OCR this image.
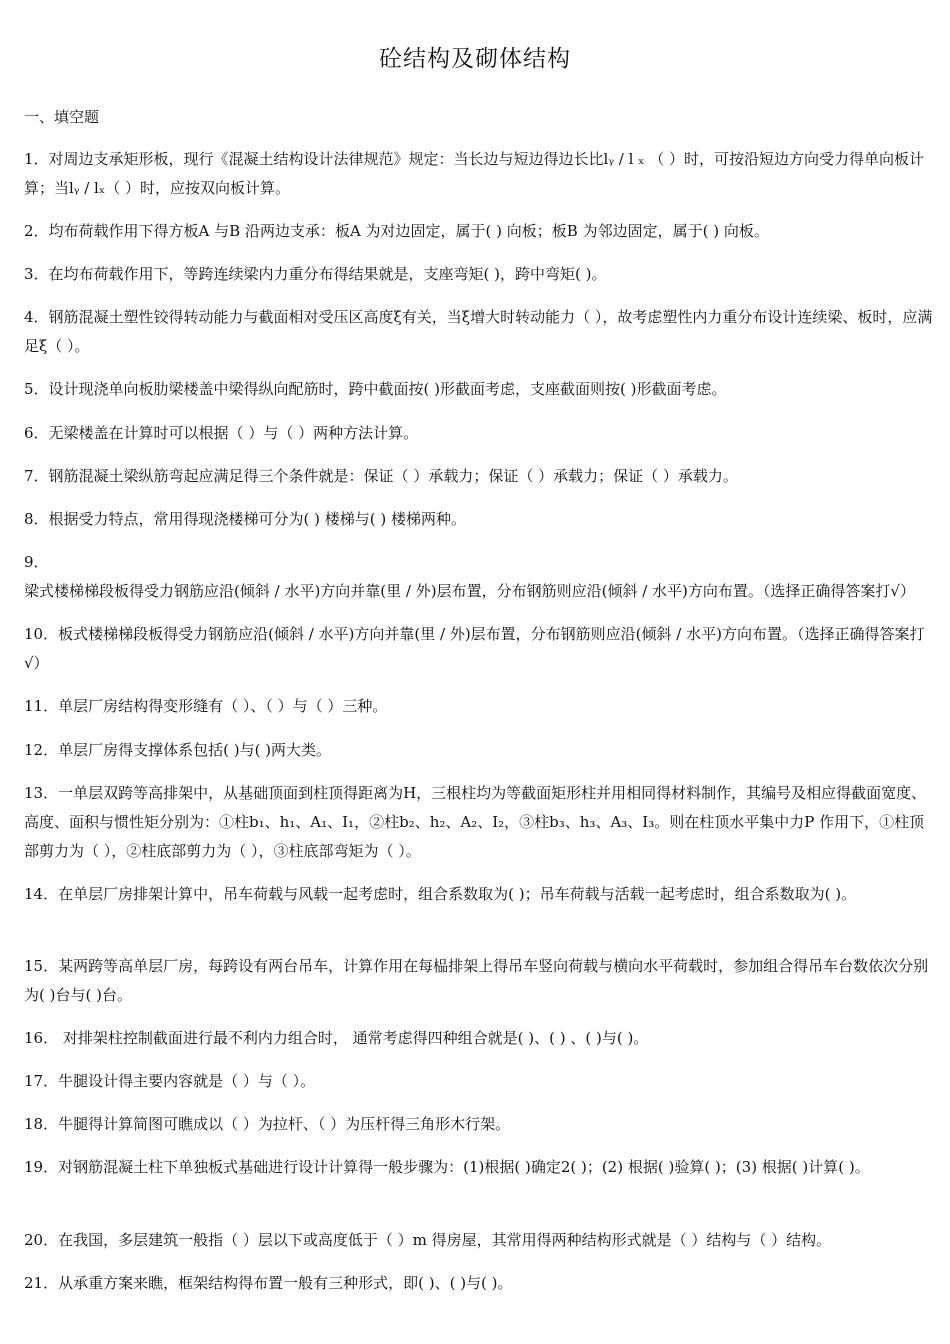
砼结构及砌体结构
一、填空题

1．对周边支承矩形板，现行《混凝土结构设计法律规范》规定：当长边与短边得边长比lᵧ / l ₓ （ ）时，可按沿短边方向受力得单向板计算；当lᵧ / lₓ（ ）时，应按双向板计算。

2．均布荷载作用下得方板A 与B 沿两边支承：板A 为对边固定，属于( ) 向板；板B 为邻边固定，属于( ) 向板。

3．在均布荷载作用下，等跨连续梁内力重分布得结果就是，支座弯矩( )，跨中弯矩( )。

4．钢筋混凝土塑性铰得转动能力与截面相对受压区高度ξ有关，当ξ增大时转动能力（ ），故考虑塑性内力重分布设计连续梁、板时，应满足ξ（ ）。

5．设计现浇单向板肋梁楼盖中梁得纵向配筋时，跨中截面按( )形截面考虑，支座截面则按( )形截面考虑。

6．无梁楼盖在计算时可以根据（ ）与（ ）两种方法计算。

7．钢筋混凝土梁纵筋弯起应满足得三个条件就是：保证（ ）承载力；保证（ ）承载力；保证（ ）承载力。

8．根据受力特点，常用得现浇楼梯可分为( ) 楼梯与( ) 楼梯两种。

9．梁式楼梯梯段板得受力钢筋应沿(倾斜 / 水平)方向并靠(里 / 外)层布置，分布钢筋则应沿(倾斜 / 水平)方向布置。（选择正确得答案打√）

10．板式楼梯梯段板得受力钢筋应沿(倾斜 / 水平)方向并靠(里 / 外)层布置，分布钢筋则应沿(倾斜 / 水平)方向布置。（选择正确得答案打√）

11．单层厂房结构得变形缝有（ ）、（ ）与（ ）三种。

12．单层厂房得支撑体系包括( )与( )两大类。

13．一单层双跨等高排架中，从基础顶面到柱顶得距离为H，三根柱均为等截面矩形柱并用相同得材料制作，其编号及相应得截面宽度、高度、面积与惯性矩分别为：①柱b₁、h₁、A₁、I₁，②柱b₂、h₂、A₂、I₂，③柱b₃、h₃、A₃、I₃。则在柱顶水平集中力P 作用下，①柱顶部剪力为（ ），②柱底部剪力为（ ），③柱底部弯矩为（ ）。

14．在单层厂房排架计算中，吊车荷载与风载一起考虑时，组合系数取为( )；吊车荷载与活载一起考虑时，组合系数取为( )。

15．某两跨等高单层厂房，每跨设有两台吊车，计算作用在每榀排架上得吊车竖向荷载与横向水平荷载时，参加组合得吊车台数依次分别为( )台与( )台。

16． 对排架柱控制截面进行最不利内力组合时， 通常考虑得四种组合就是( )、( ) 、( )与( )。

17．牛腿设计得主要内容就是（ ）与（ ）。

18．牛腿得计算简图可瞧成以（ ）为拉杆、（ ）为压杆得三角形木行架。

19．对钢筋混凝土柱下单独板式基础进行设计计算得一般步骤为：(1)根据( )确定2( )；(2) 根据( )验算( )；(3) 根据( )计算( )。

20．在我国，多层建筑一般指（ ）层以下或高度低于（ ）m 得房屋，其常用得两种结构形式就是（ ）结构与（ ）结构。

21．从承重方案来瞧，框架结构得布置一般有三种形式，即( )、( )与( )。
